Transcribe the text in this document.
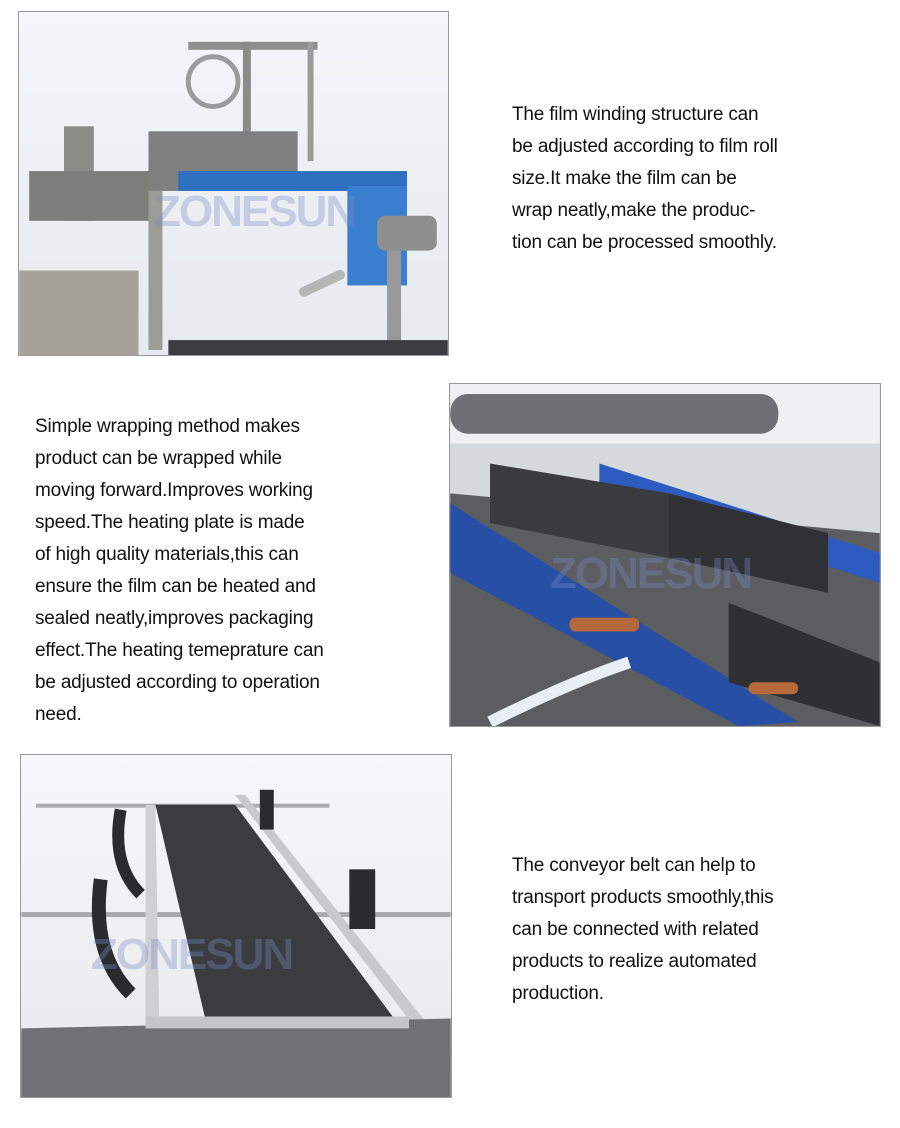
ZONESUN
The film winding structure can
be adjusted according to film roll
size.It make the film can be
wrap neatly,make the produc-
tion can be processed smoothly.
Simple wrapping method makes
product can be wrapped while
moving forward.Improves working
speed.The heating plate is made
of high quality materials,this can
ensure the film can be heated and
sealed neatly,improves packaging
effect.The heating temeprature can
be adjusted according to operation
need.
ZONESUN
ZONESUN
The conveyor belt can help to
transport products smoothly,this
can be connected with related
products to realize automated
production.
